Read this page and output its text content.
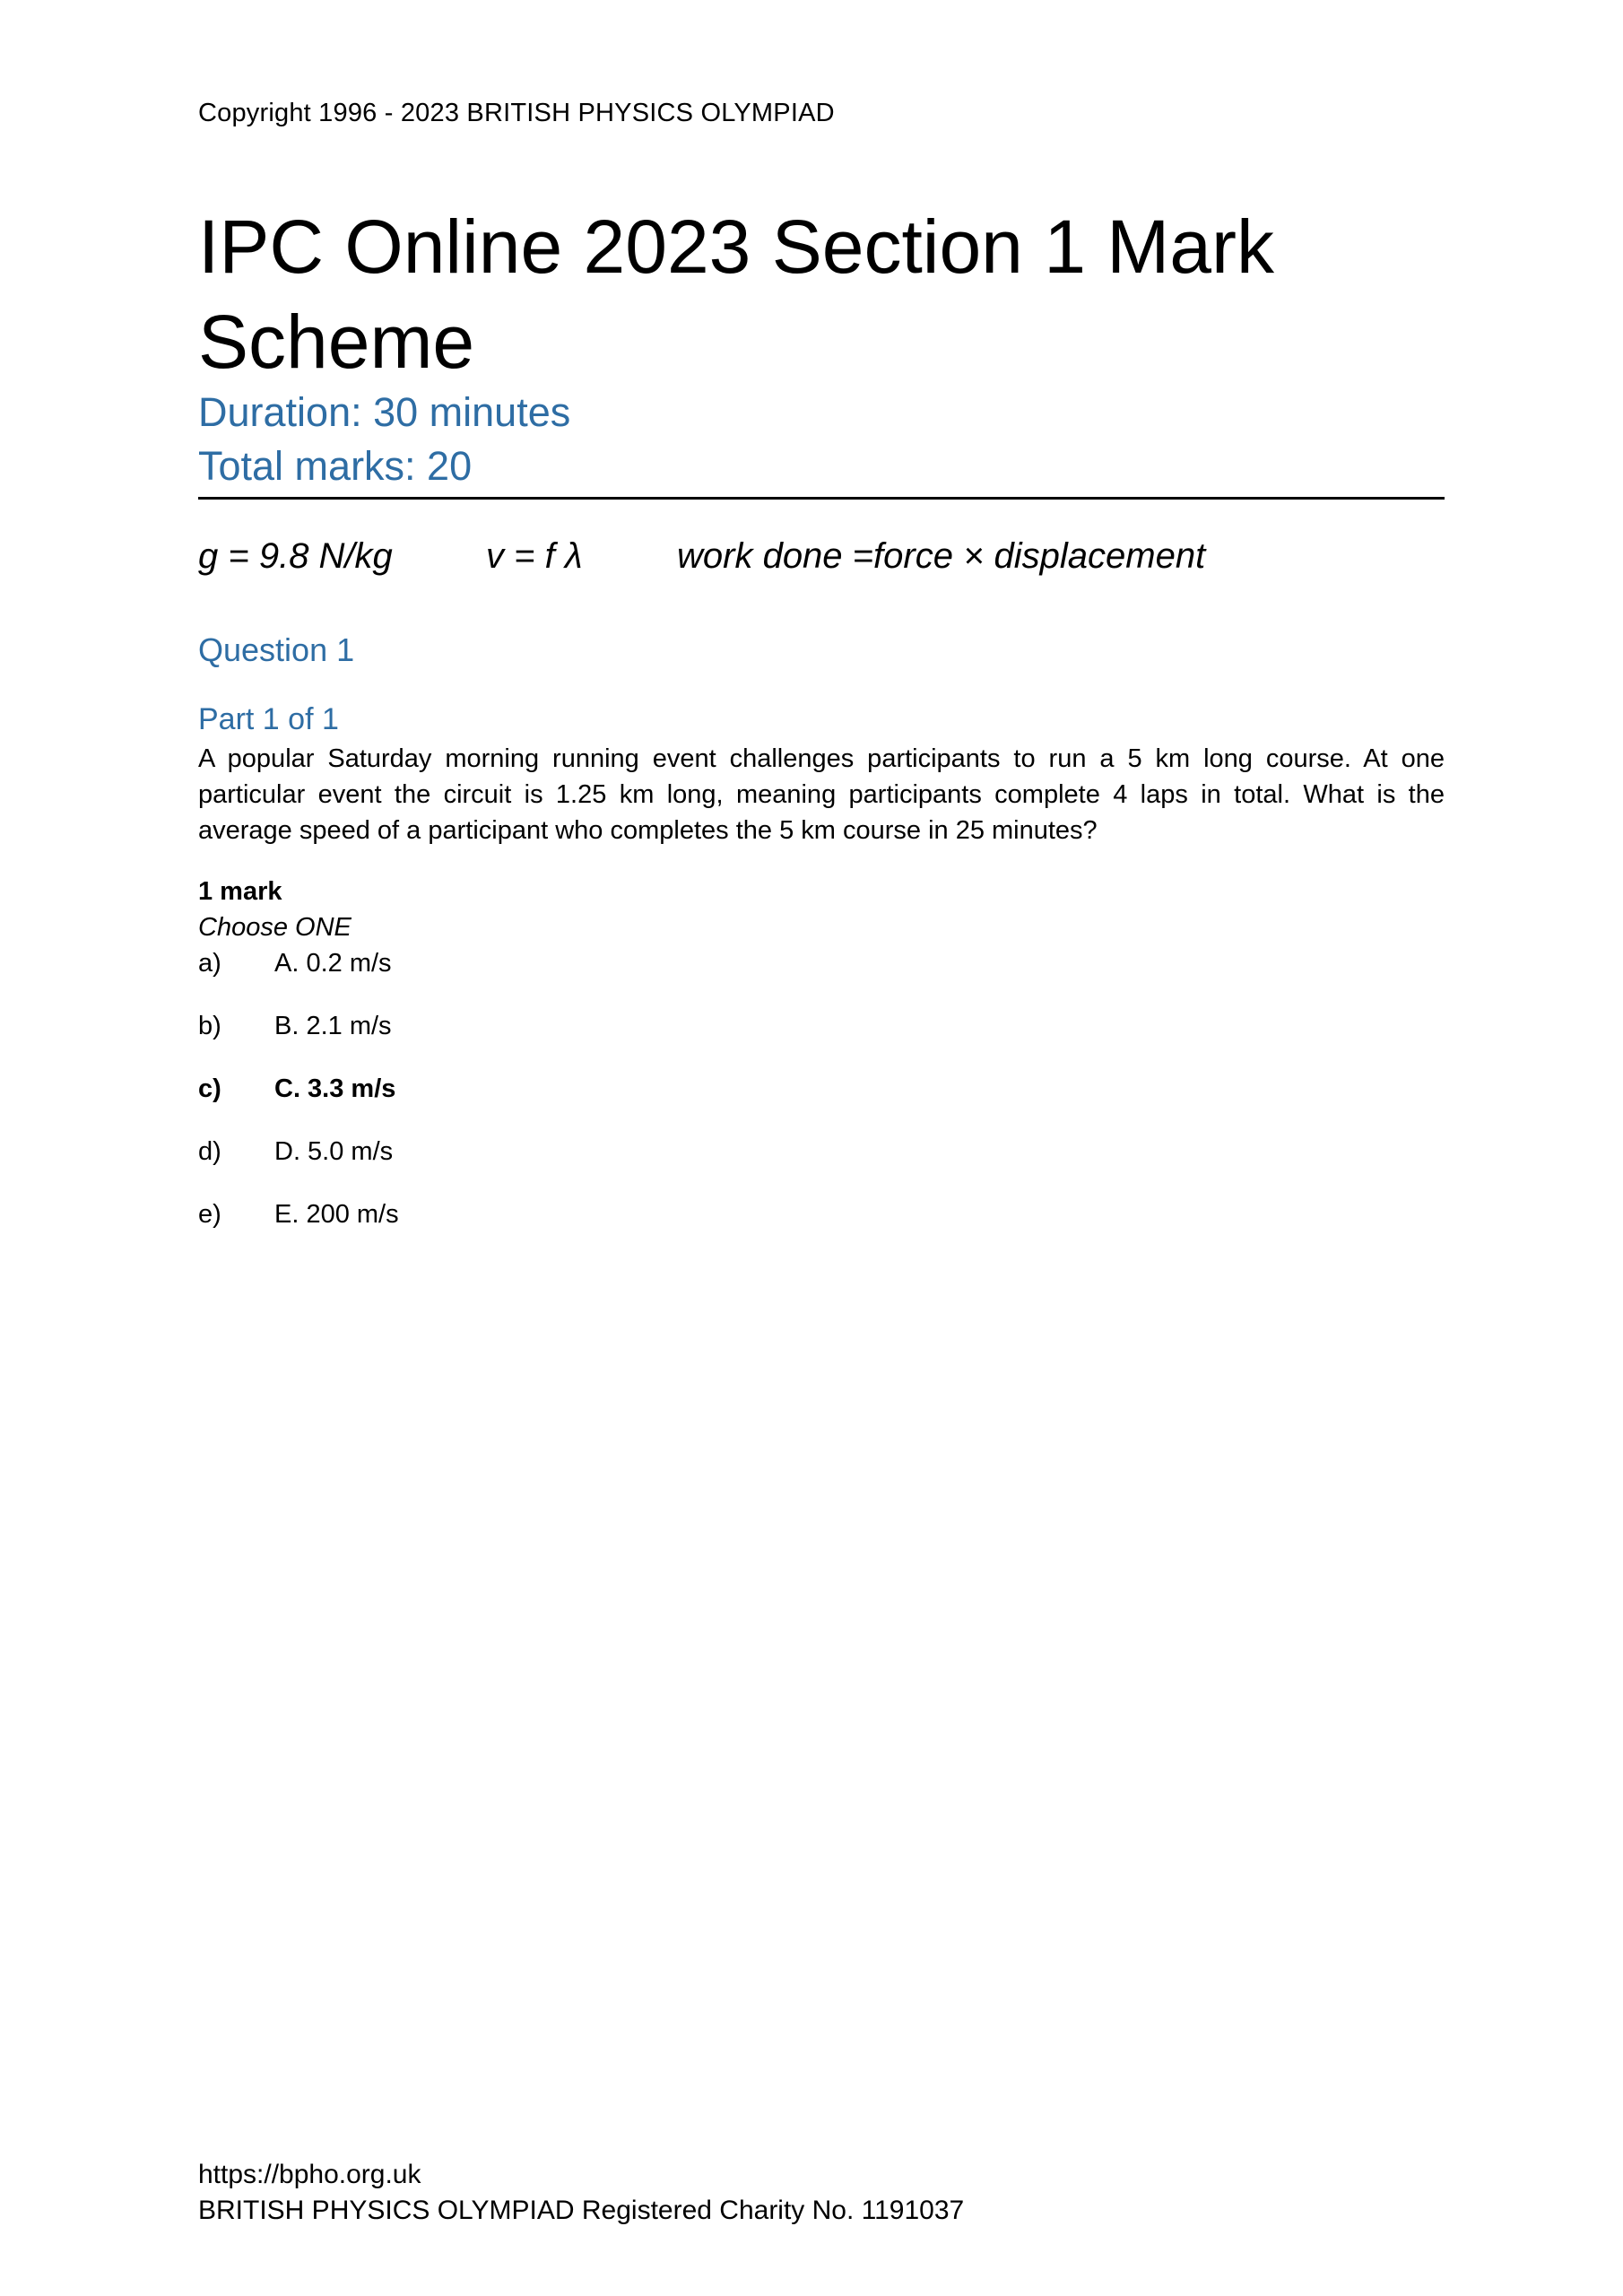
Copyright 1996 - 2023 BRITISH PHYSICS OLYMPIAD
IPC Online 2023 Section 1 Mark Scheme
Duration: 30 minutes
Total marks: 20
g = 9.8 N/kg	v = f λ	work done =force × displacement
Question 1
Part 1 of 1

A popular Saturday morning running event challenges participants to run a 5 km long course. At one particular event the circuit is 1.25 km long, meaning participants complete 4 laps in total. What is the average speed of a participant who completes the 5 km course in 25 minutes?

1 mark
Choose ONE
a)	A. 0.2 m/s
b)	B. 2.1 m/s
c)	C. 3.3 m/s
d)	D. 5.0 m/s
e)	E. 200 m/s
https://bpho.org.uk
BRITISH PHYSICS OLYMPIAD Registered Charity No. 1191037
